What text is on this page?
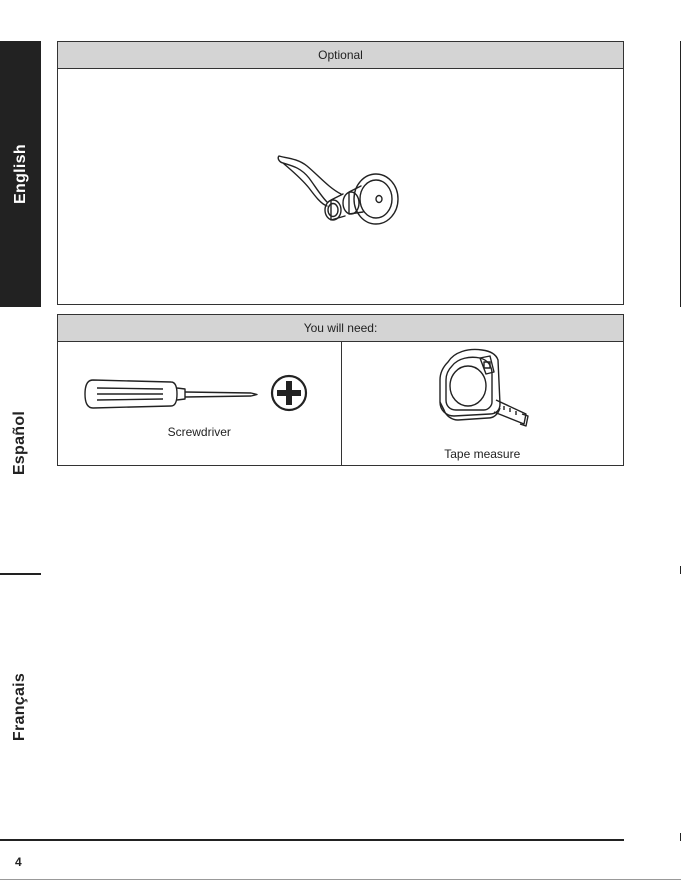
English
Español
Français
Optional
You will need:
Screwdriver
Tape measure
4
